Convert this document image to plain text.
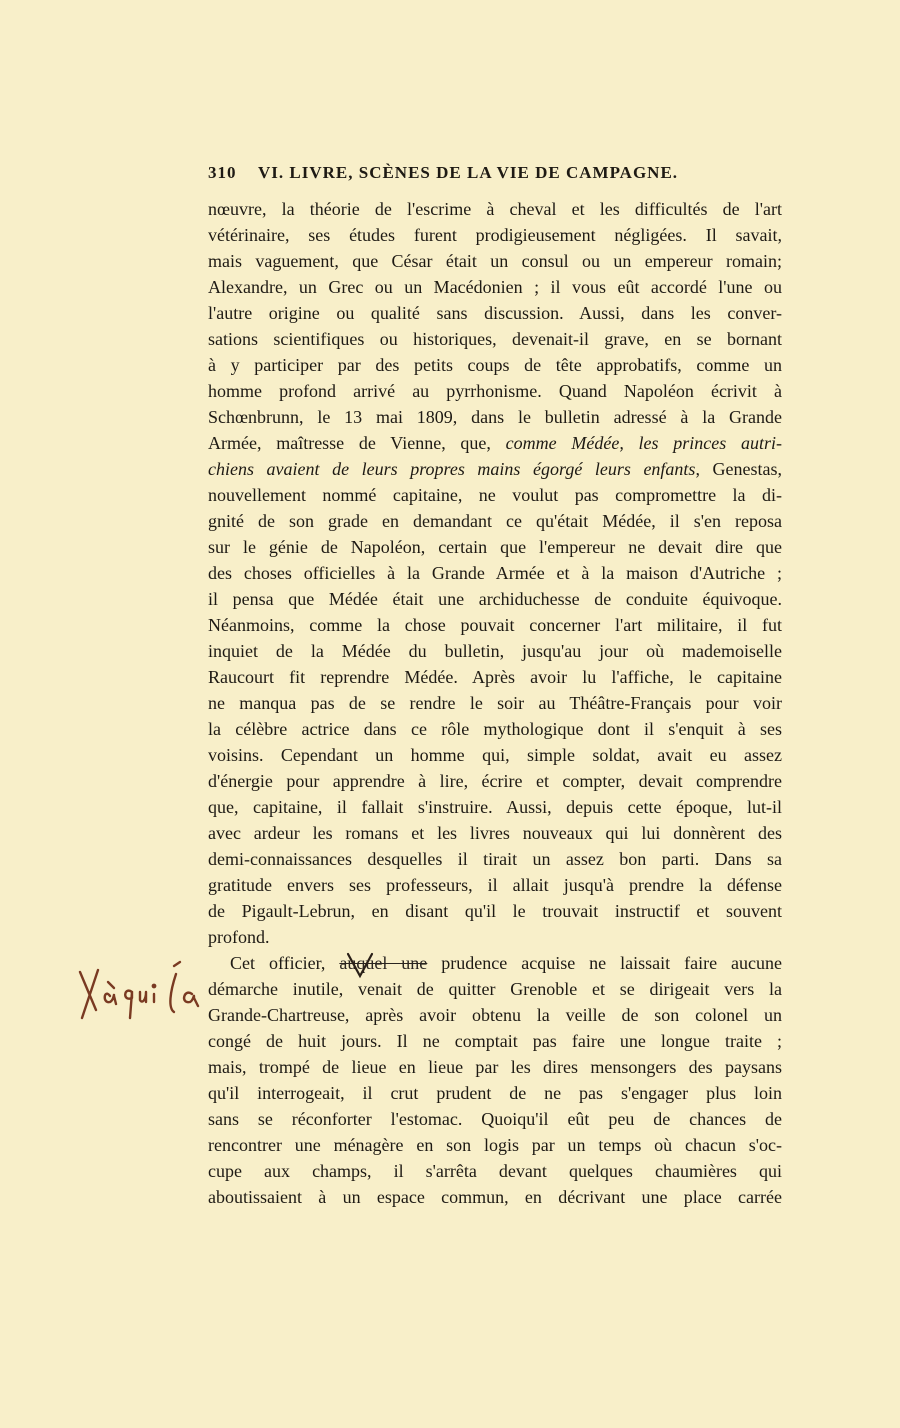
310 VI. LIVRE, SCÈNES DE LA VIE DE CAMPAGNE.
nœuvre, la théorie de l'escrime à cheval et les difficultés de l'art
vétérinaire, ses études furent prodigieusement négligées. Il savait,
mais vaguement, que César était un consul ou un empereur romain;
Alexandre, un Grec ou un Macédonien ; il vous eût accordé l'une ou
l'autre origine ou qualité sans discussion. Aussi, dans les conver-
sations scientifiques ou historiques, devenait-il grave, en se bornant
à y participer par des petits coups de tête approbatifs, comme un
homme profond arrivé au pyrrhonisme. Quand Napoléon écrivit à
Schœnbrunn, le 13 mai 1809, dans le bulletin adressé à la Grande
Armée, maîtresse de Vienne, que, comme Médée, les princes autri-
chiens avaient de leurs propres mains égorgé leurs enfants, Genestas,
nouvellement nommé capitaine, ne voulut pas compromettre la di-
gnité de son grade en demandant ce qu'était Médée, il s'en reposa
sur le génie de Napoléon, certain que l'empereur ne devait dire que
des choses officielles à la Grande Armée et à la maison d'Autriche ;
il pensa que Médée était une archiduchesse de conduite équivoque.
Néanmoins, comme la chose pouvait concerner l'art militaire, il fut
inquiet de la Médée du bulletin, jusqu'au jour où mademoiselle
Raucourt fit reprendre Médée. Après avoir lu l'affiche, le capitaine
ne manqua pas de se rendre le soir au Théâtre-Français pour voir
la célèbre actrice dans ce rôle mythologique dont il s'enquit à ses
voisins. Cependant un homme qui, simple soldat, avait eu assez
d'énergie pour apprendre à lire, écrire et compter, devait comprendre
que, capitaine, il fallait s'instruire. Aussi, depuis cette époque, lut-il
avec ardeur les romans et les livres nouveaux qui lui donnèrent des
demi-connaissances desquelles il tirait un assez bon parti. Dans sa
gratitude envers ses professeurs, il allait jusqu'à prendre la défense
de Pigault-Lebrun, en disant qu'il le trouvait instructif et souvent
profond.
Cet officier, auquel une prudence acquise ne laissait faire aucune
démarche inutile, venait de quitter Grenoble et se dirigeait vers la
Grande-Chartreuse, après avoir obtenu la veille de son colonel un
congé de huit jours. Il ne comptait pas faire une longue traite ;
mais, trompé de lieue en lieue par les dires mensongers des paysans
qu'il interrogeait, il crut prudent de ne pas s'engager plus loin
sans se réconforter l'estomac. Quoiqu'il eût peu de chances de
rencontrer une ménagère en son logis par un temps où chacun s'oc-
cupe aux champs, il s'arrêta devant quelques chaumières qui
aboutissaient à un espace commun, en décrivant une place carrée
